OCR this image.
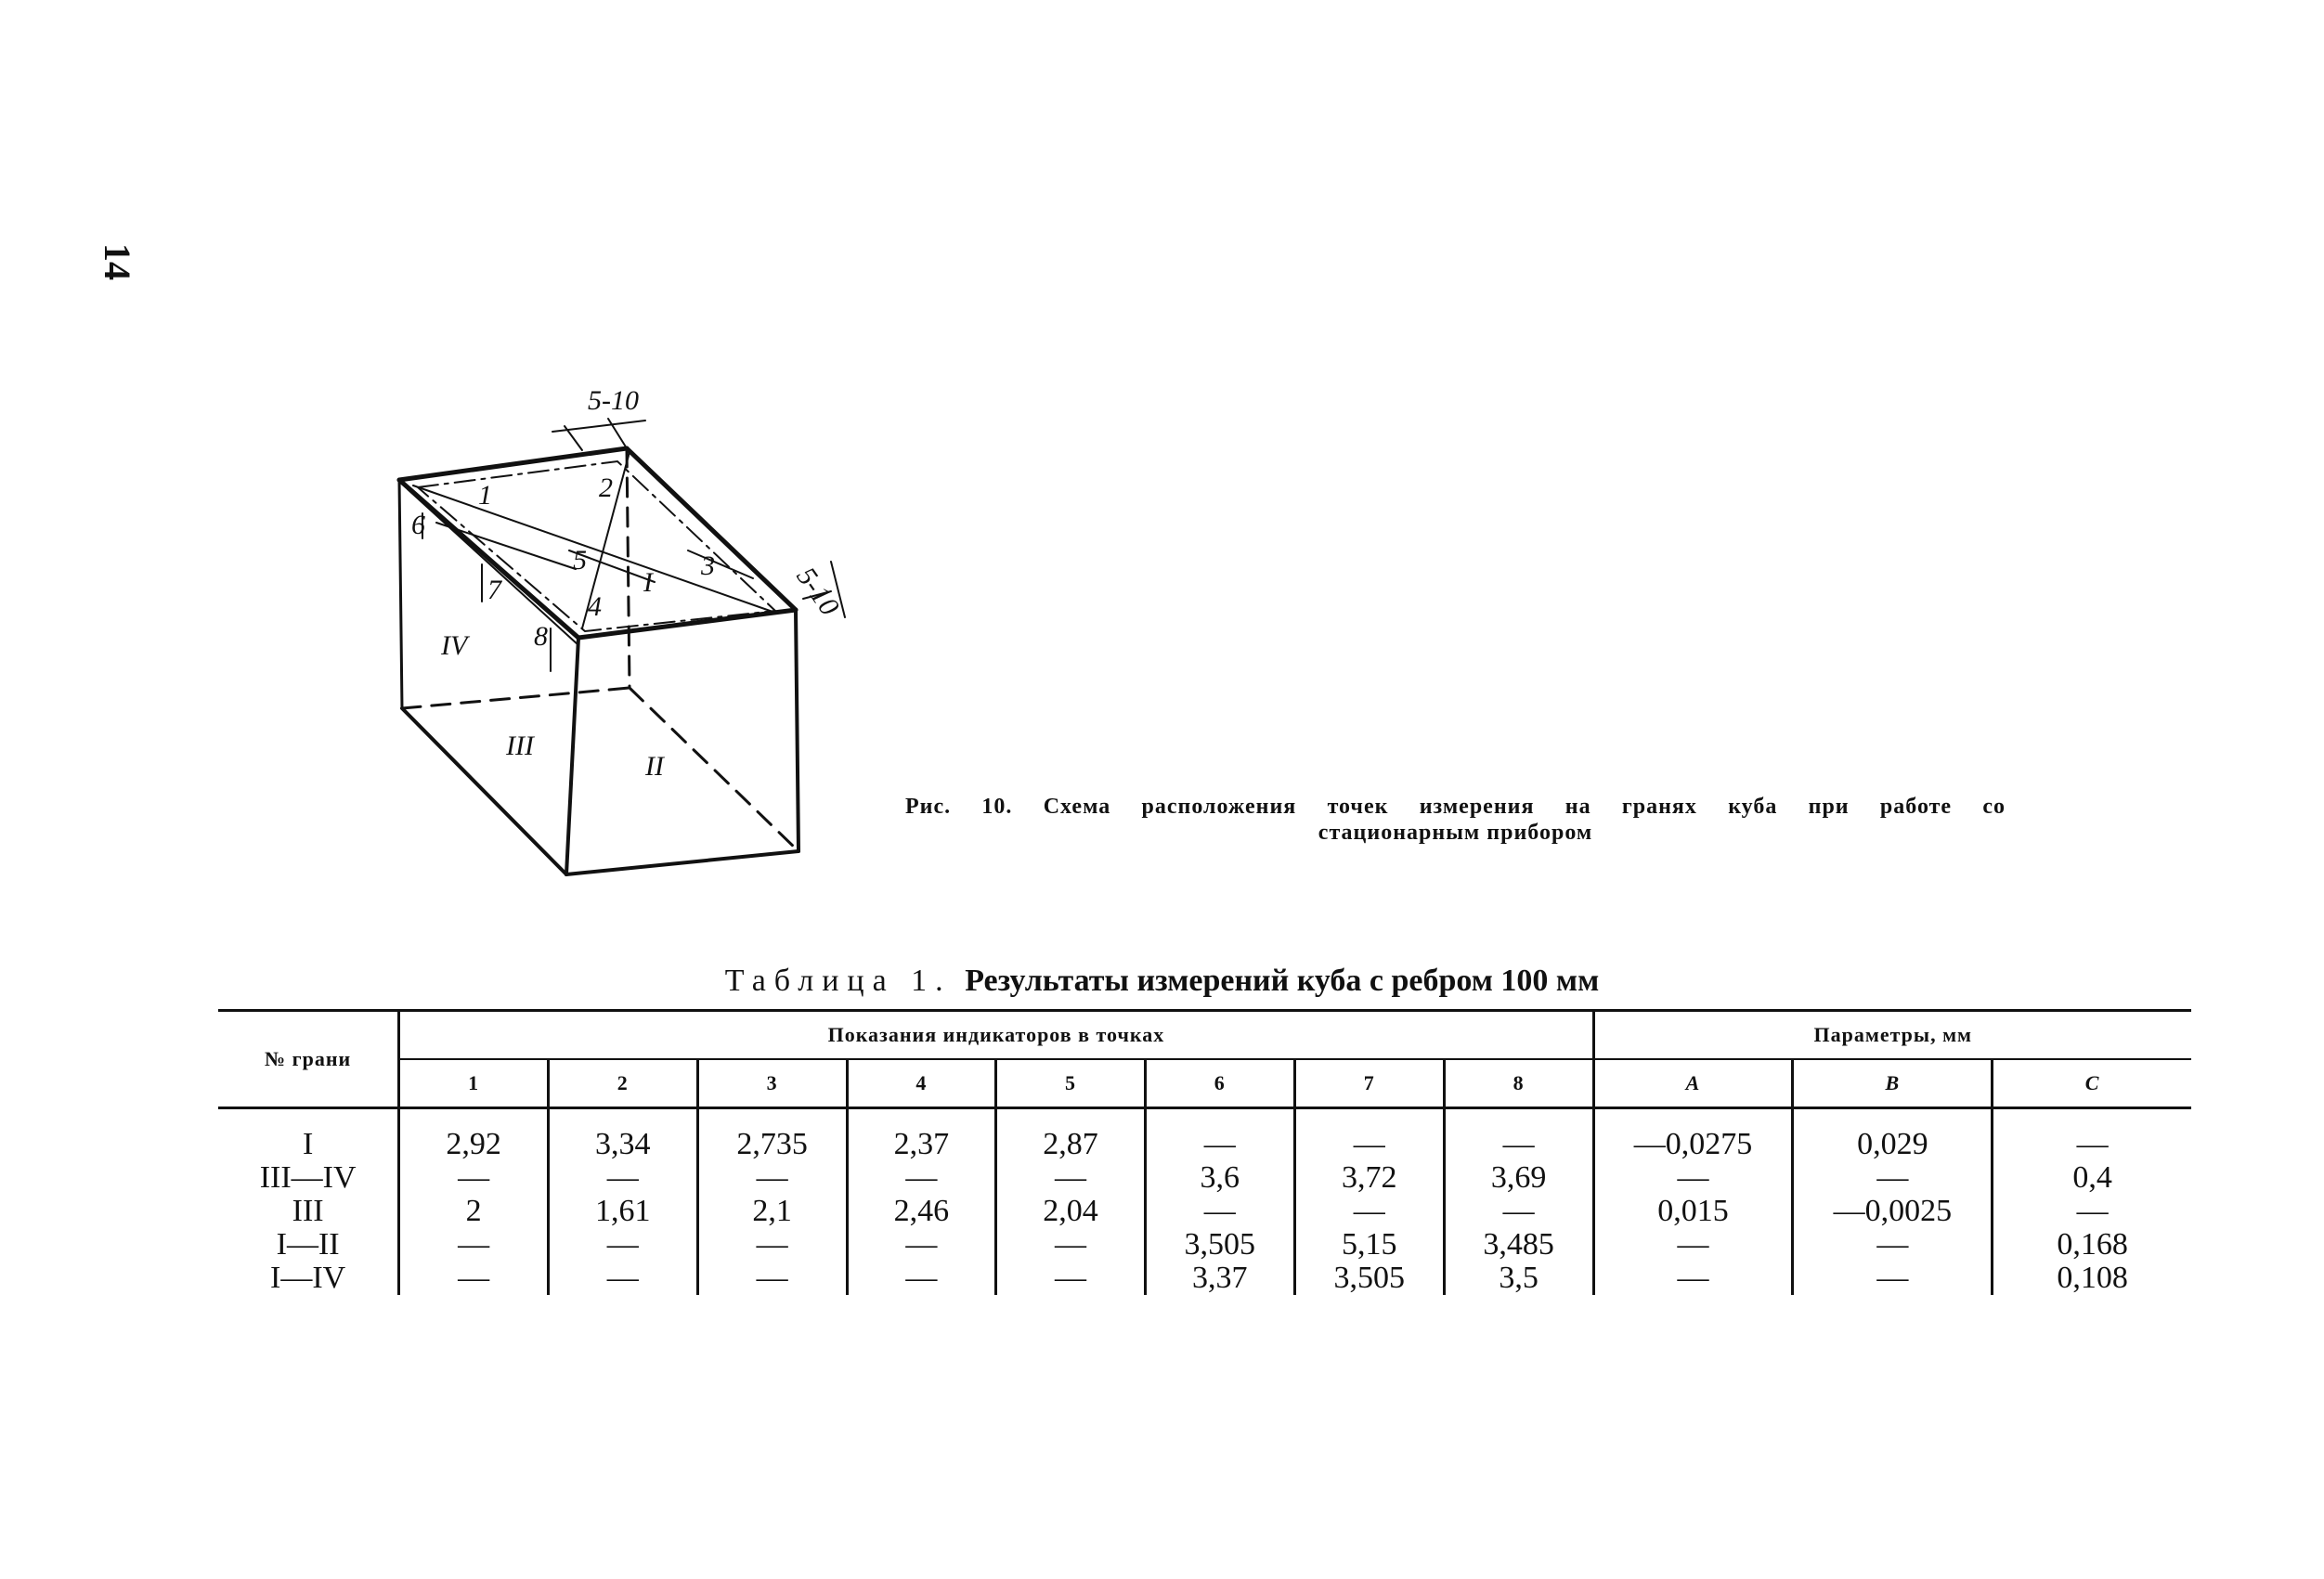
14
5-10
5-10
1	2
3
4
5
6
7
8
I
II
III
IV
Рис. 10. Схема расположения точек измерения на гранях куба при работе со
стационарным прибором
Таблица 1. Результаты измерений куба с ребром 100 мм
№ грани	Показания индикаторов в точках								Параметры, мм		
	1	2	3	4	5	6	7	8	A	B	C
I	2,92	3,34	2,735	2,37	2,87	—	—	—	—0,0275	0,029	—
III—IV	—	—	—	—	—	3,6	3,72	3,69	—	—	0,4
III	2	1,61	2,1	2,46	2,04	—	—	—	0,015	—0,0025	—
I—II	—	—	—	—	—	3,505	5,15	3,485	—	—	0,168
I—IV	—	—	—	—	—	3,37	3,505	3,5	—	—	0,108
